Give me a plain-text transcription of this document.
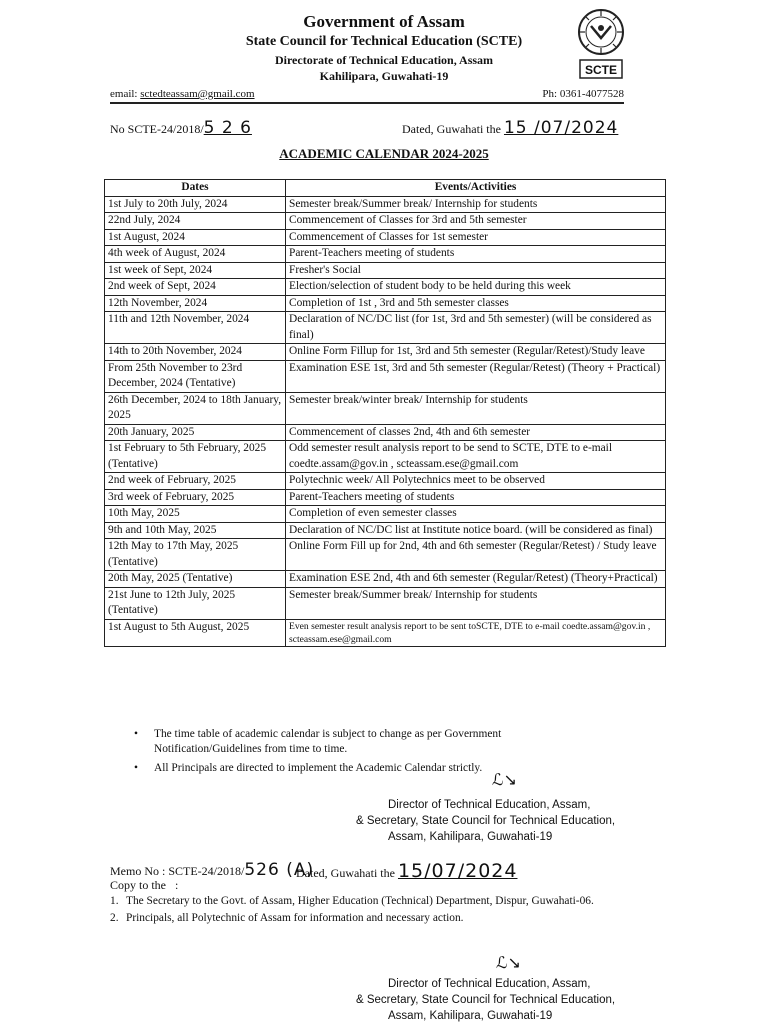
Government of Assam
State Council for Technical Education (SCTE)
Directorate of Technical Education, Assam
Kahilipara, Guwahati-19	SCTE
email: sctedteassam@gmail.com	Ph: 0361-4077528
No SCTE-24/2018/5 2 6	Dated, Guwahati the 15 /07/2024
ACADEMIC CALENDAR 2024-2025
Dates	Events/Activities
1st July to 20th July, 2024	Semester break/Summer break/ Internship for students
22nd July, 2024	Commencement of Classes for 3rd and 5th semester
1st August, 2024	Commencement of Classes for 1st semester
4th week of August, 2024	Parent-Teachers meeting of students
1st week of Sept, 2024	Fresher's Social
2nd week of Sept, 2024	Election/selection of student body to be held during this week
12th November, 2024	Completion of 1st , 3rd and 5th semester classes
11th and 12th November, 2024	Declaration of NC/DC list (for 1st, 3rd and 5th semester) (will be considered as final)
14th to 20th November, 2024	Online Form Fillup for 1st, 3rd and 5th semester (Regular/Retest)/Study leave
From 25th November to 23rd December, 2024 (Tentative)	Examination ESE 1st, 3rd and 5th semester (Regular/Retest) (Theory + Practical)
26th December, 2024 to 18th January, 2025	Semester break/winter break/ Internship for students
20th January, 2025	Commencement of classes 2nd, 4th and 6th semester
1st February to 5th February, 2025 (Tentative)	Odd semester result analysis report to be send to SCTE, DTE to e-mail coedte.assam@gov.in , scteassam.ese@gmail.com
2nd week of February, 2025	Polytechnic week/ All Polytechnics meet to be observed
3rd week of February, 2025	Parent-Teachers meeting of students
10th May, 2025	Completion of even semester classes
9th and 10th May, 2025	Declaration of NC/DC list at Institute notice board. (will be considered as final)
12th May to 17th May, 2025 (Tentative)	Online Form Fill up for 2nd, 4th and 6th semester (Regular/Retest) / Study leave
20th May, 2025 (Tentative)	Examination ESE 2nd, 4th and 6th semester (Regular/Retest) (Theory+Practical)
21st June to 12th July, 2025 (Tentative)	Semester break/Summer break/ Internship for students
1st August to 5th August, 2025	Even semester result analysis report to be sent toSCTE, DTE to e-mail coedte.assam@gov.in , scteassam.ese@gmail.com
• The time table of academic calendar is subject to change as per Government Notification/Guidelines from time to time.
• All Principals are directed to implement the Academic Calendar strictly.
ℒ↘
Director of Technical Education, Assam,
& Secretary, State Council for Technical Education,
Assam, Kahilipara, Guwahati-19
Memo No : SCTE-24/2018/526 (A)
Dated, Guwahati the 15/07/2024
Copy to the   :
1. The Secretary to the Govt. of Assam, Higher Education (Technical) Department, Dispur, Guwahati-06.
2. Principals, all Polytechnic of Assam for information and necessary action.
ℒ↘
Director of Technical Education, Assam,
& Secretary, State Council for Technical Education,
Assam, Kahilipara, Guwahati-19
